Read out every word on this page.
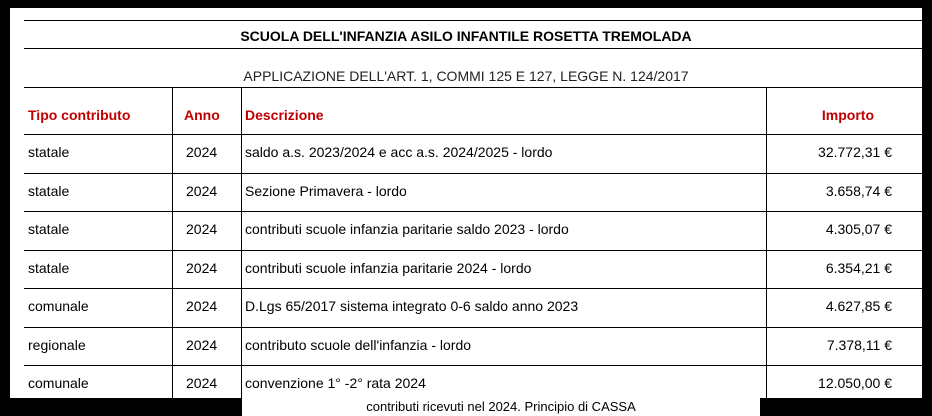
SCUOLA DELL'INFANZIA ASILO INFANTILE ROSETTA TREMOLADA
APPLICAZIONE DELL'ART. 1, COMMI 125 E 127, LEGGE N. 124/2017
Tipo contributo	Anno Descrizione	Importo
statale	2024 saldo a.s. 2023/2024 e acc a.s. 2024/2025 - lordo	32.772,31 €
statale	2024 Sezione Primavera - lordo	3.658,74 €
statale	2024 contributi scuole infanzia paritarie saldo 2023 - lordo	4.305,07 €
statale	2024 contributi scuole infanzia paritarie 2024 - lordo	6.354,21 €
comunale	2024 D.Lgs 65/2017 sistema integrato 0-6 saldo anno 2023	4.627,85 €
regionale	2024 contributo scuole dell'infanzia - lordo	7.378,11 €
comunale	2024 convenzione 1° -2° rata 2024	12.050,00 €
contributi ricevuti nel 2024. Principio di CASSA
